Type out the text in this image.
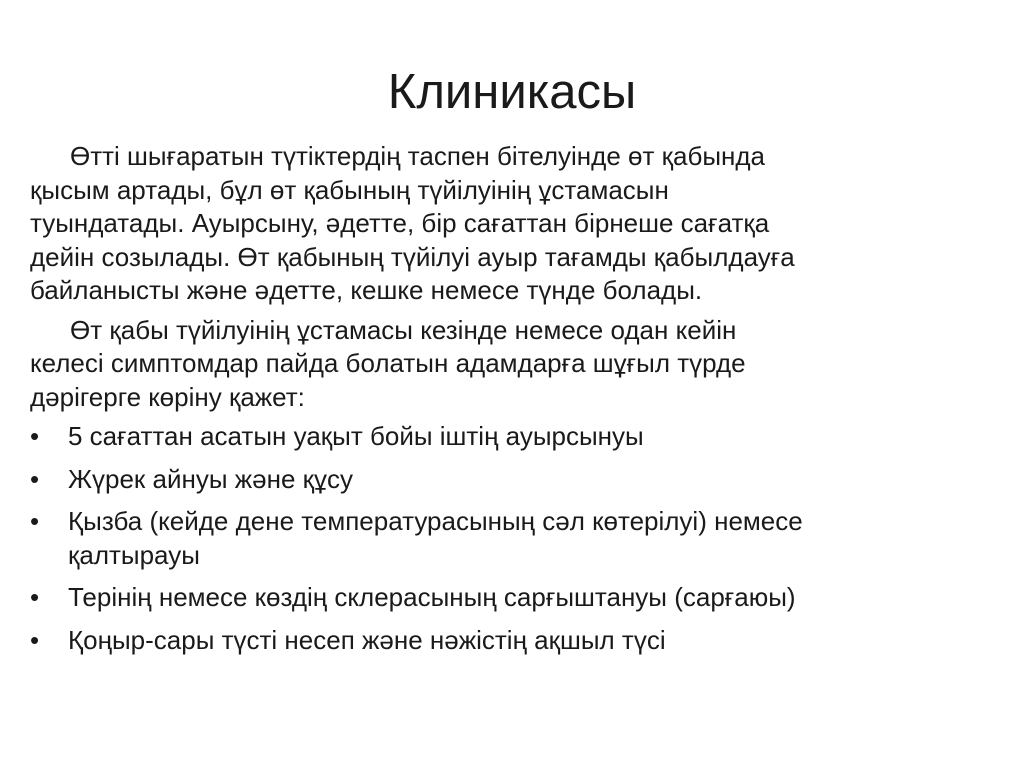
Клиникасы
Өтті шығаратын түтіктердің таспен бітелуінде өт қабында
қысым артады, бұл өт қабының түйілуінің ұстамасын
туындатады. Ауырсыну, әдетте, бір сағаттан бірнеше сағатқа
дейін созылады. Өт қабының түйілуі ауыр тағамды қабылдауға
байланысты және әдетте, кешке немесе түнде болады.
Өт қабы түйілуінің ұстамасы кезінде немесе одан кейін
келесі симптомдар пайда болатын адамдарға шұғыл түрде
дәрігерге көріну қажет:
•	5 сағаттан асатын уақыт бойы іштің ауырсынуы
•	Жүрек айнуы және құсу
•	Қызба (кейде дене температурасының сәл көтерілуі) немесе
қалтырауы
•	Терінің немесе көздің склерасының сарғыштануы (сарғаюы)
•	Қоңыр-сары түсті несеп және нәжістің ақшыл түсі
